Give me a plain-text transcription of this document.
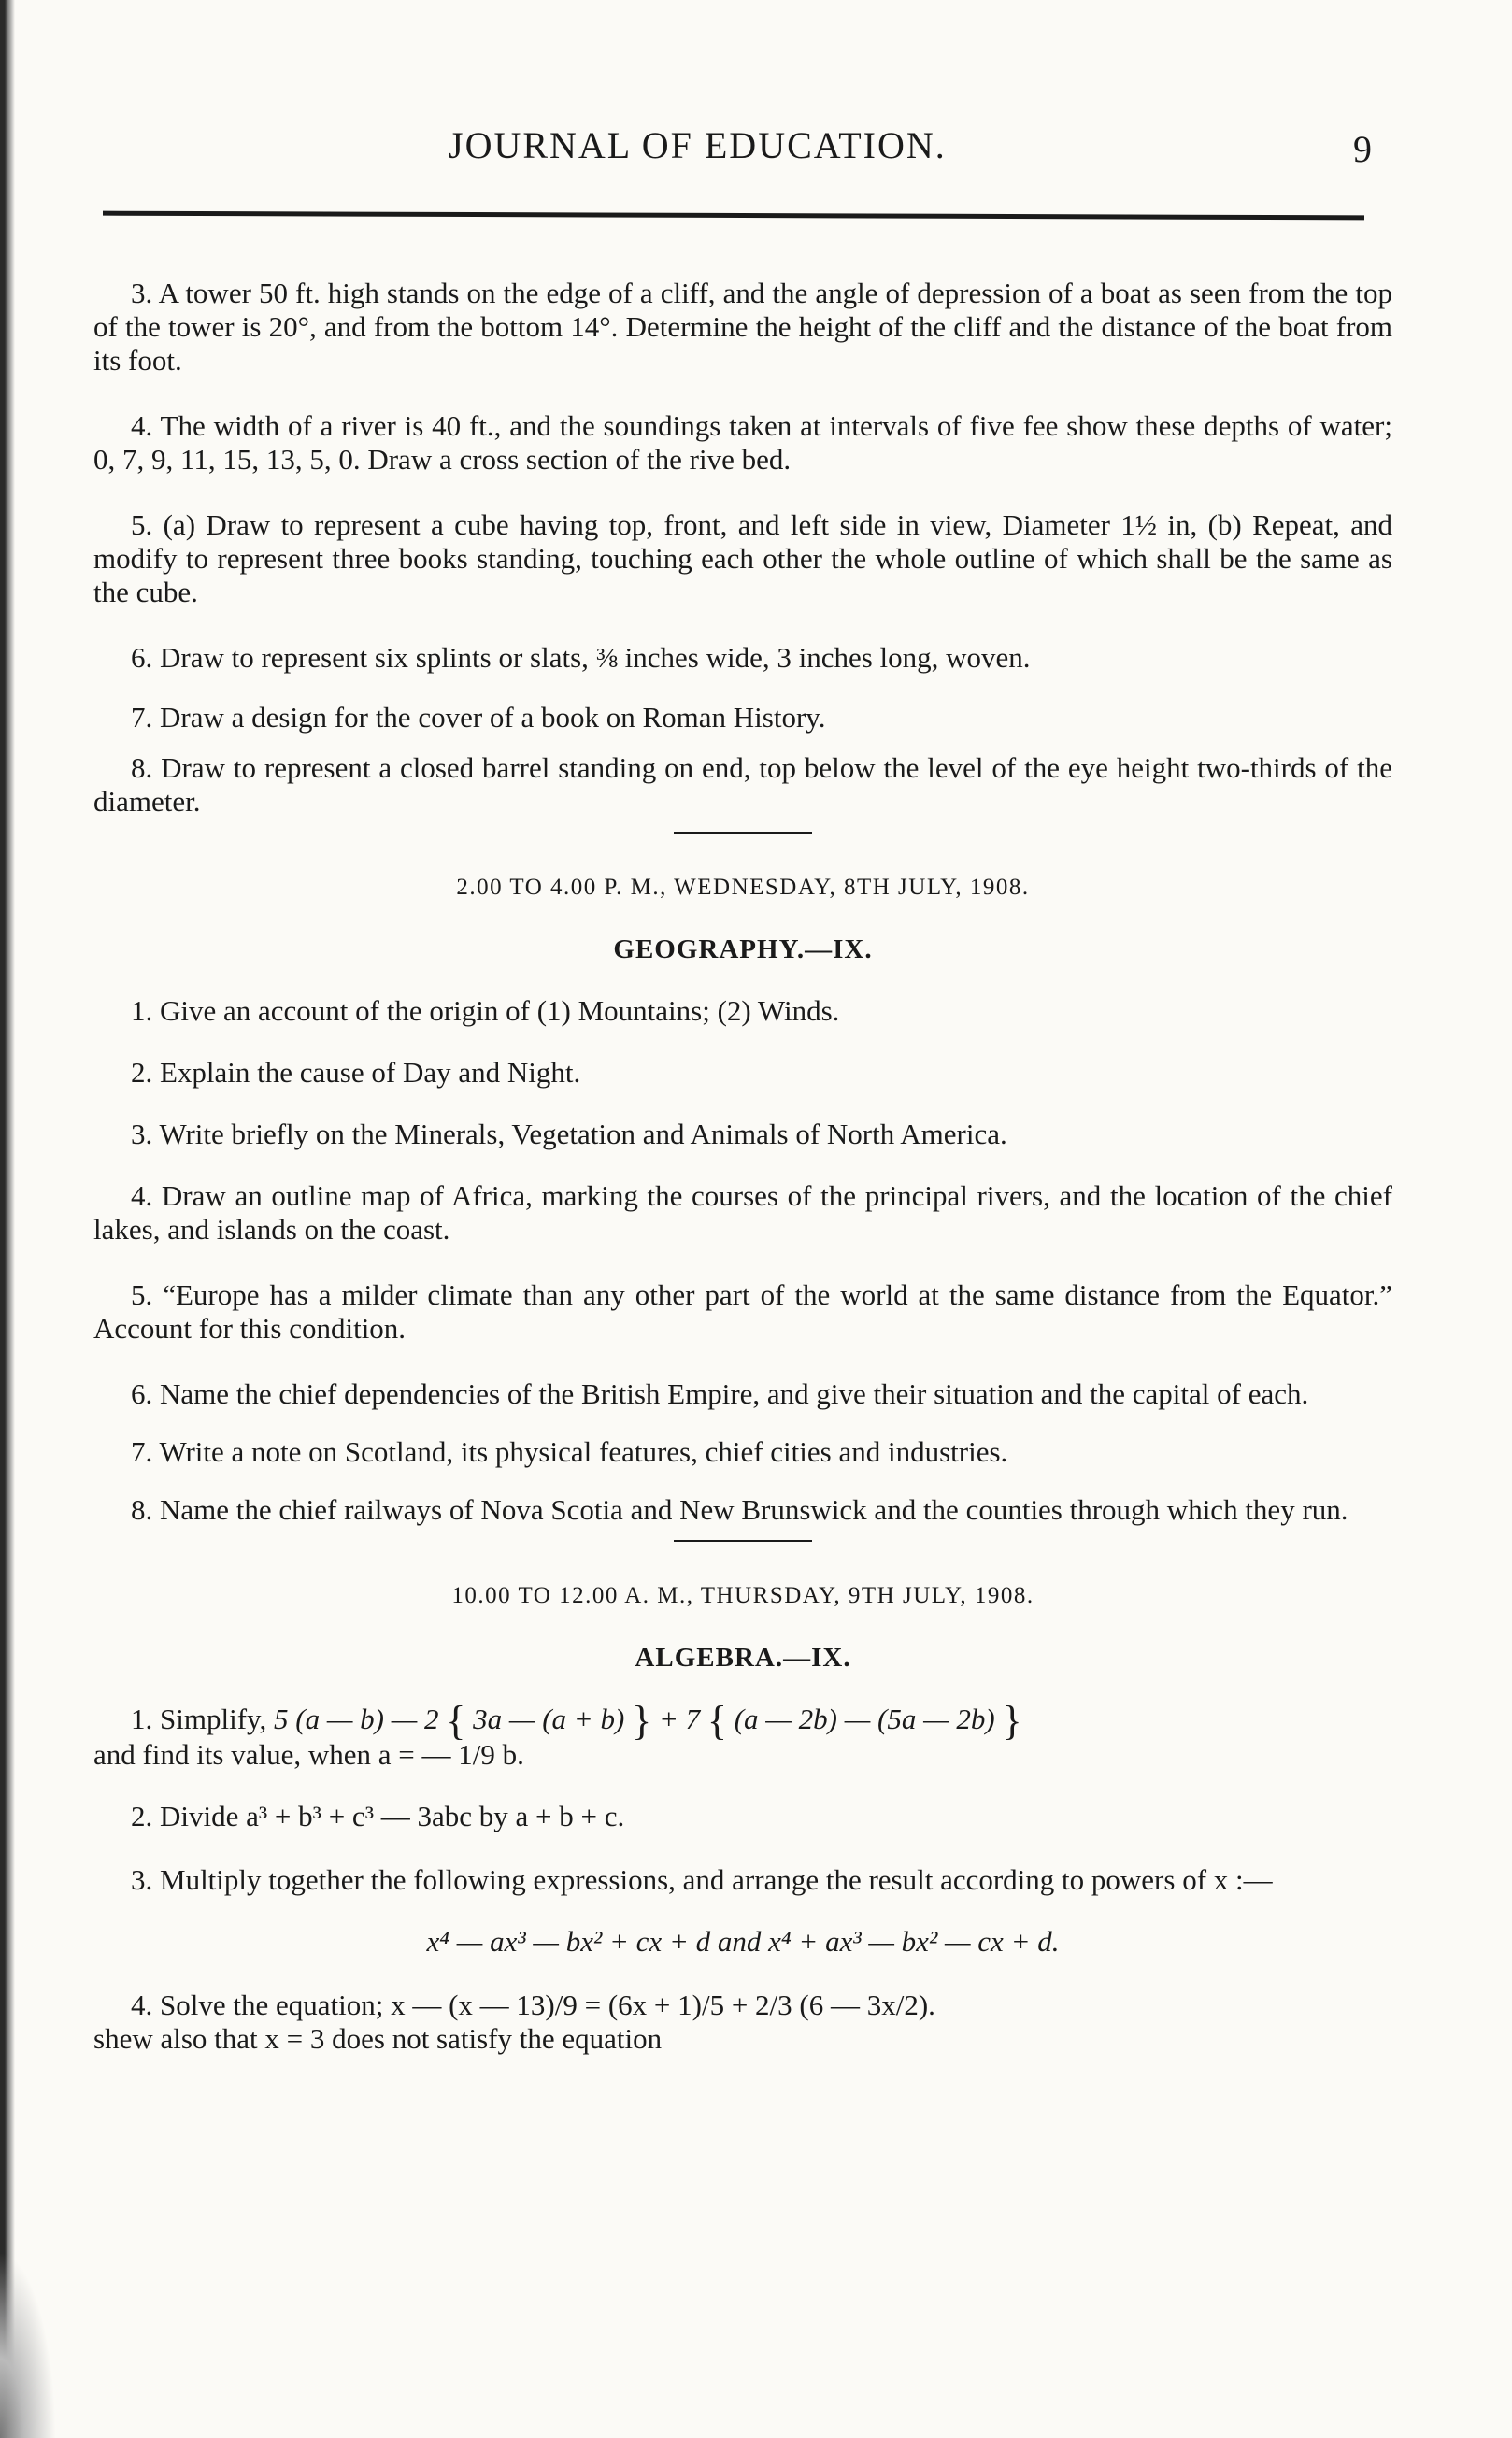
JOURNAL OF EDUCATION.	9

3. A tower 50 ft. high stands on the edge of a cliff, and the angle of depression of a boat as seen from the top of the tower is 20°, and from the bottom 14°. Determine the height of the cliff and the distance of the boat from its foot.

4. The width of a river is 40 ft., and the soundings taken at intervals of five fee show these depths of water; 0, 7, 9, 11, 15, 13, 5, 0. Draw a cross section of the rive bed.

5. (a) Draw to represent a cube having top, front, and left side in view, Diameter 1½ in, (b) Repeat, and modify to represent three books standing, touching each other the whole outline of which shall be the same as the cube.

6. Draw to represent six splints or slats, ⅜ inches wide, 3 inches long, woven.

7. Draw a design for the cover of a book on Roman History.

8. Draw to represent a closed barrel standing on end, top below the level of the eye height two-thirds of the diameter.

2.00 TO 4.00 P. M., WEDNESDAY, 8TH JULY, 1908.
GEOGRAPHY.—IX.

1. Give an account of the origin of (1) Mountains; (2) Winds.

2. Explain the cause of Day and Night.

3. Write briefly on the Minerals, Vegetation and Animals of North America.

4. Draw an outline map of Africa, marking the courses of the principal rivers, and the location of the chief lakes, and islands on the coast.

5. “Europe has a milder climate than any other part of the world at the same distance from the Equator.” Account for this condition.

6. Name the chief dependencies of the British Empire, and give their situation and the capital of each.

7. Write a note on Scotland, its physical features, chief cities and industries.

8. Name the chief railways of Nova Scotia and New Brunswick and the counties through which they run.

10.00 TO 12.00 A. M., THURSDAY, 9TH JULY, 1908.
ALGEBRA.—IX.

1. Simplify, 5 (a — b) — 2 { 3a — (a + b) } + 7 { (a — 2b) — (5a — 2b) }

and find its value, when a = — 1/9 b.

2. Divide a³ + b³ + c³ — 3abc by a + b + c.

3. Multiply together the following expressions, and arrange the result according to powers of x :—

x⁴ — ax³ — bx² + cx + d and x⁴ + ax³ — bx² — cx + d.

4. Solve the equation; x — (x — 13)/9 = (6x + 1)/5 + 2/3 (6 — 3x/2).

shew also that x = 3 does not satisfy the equation
